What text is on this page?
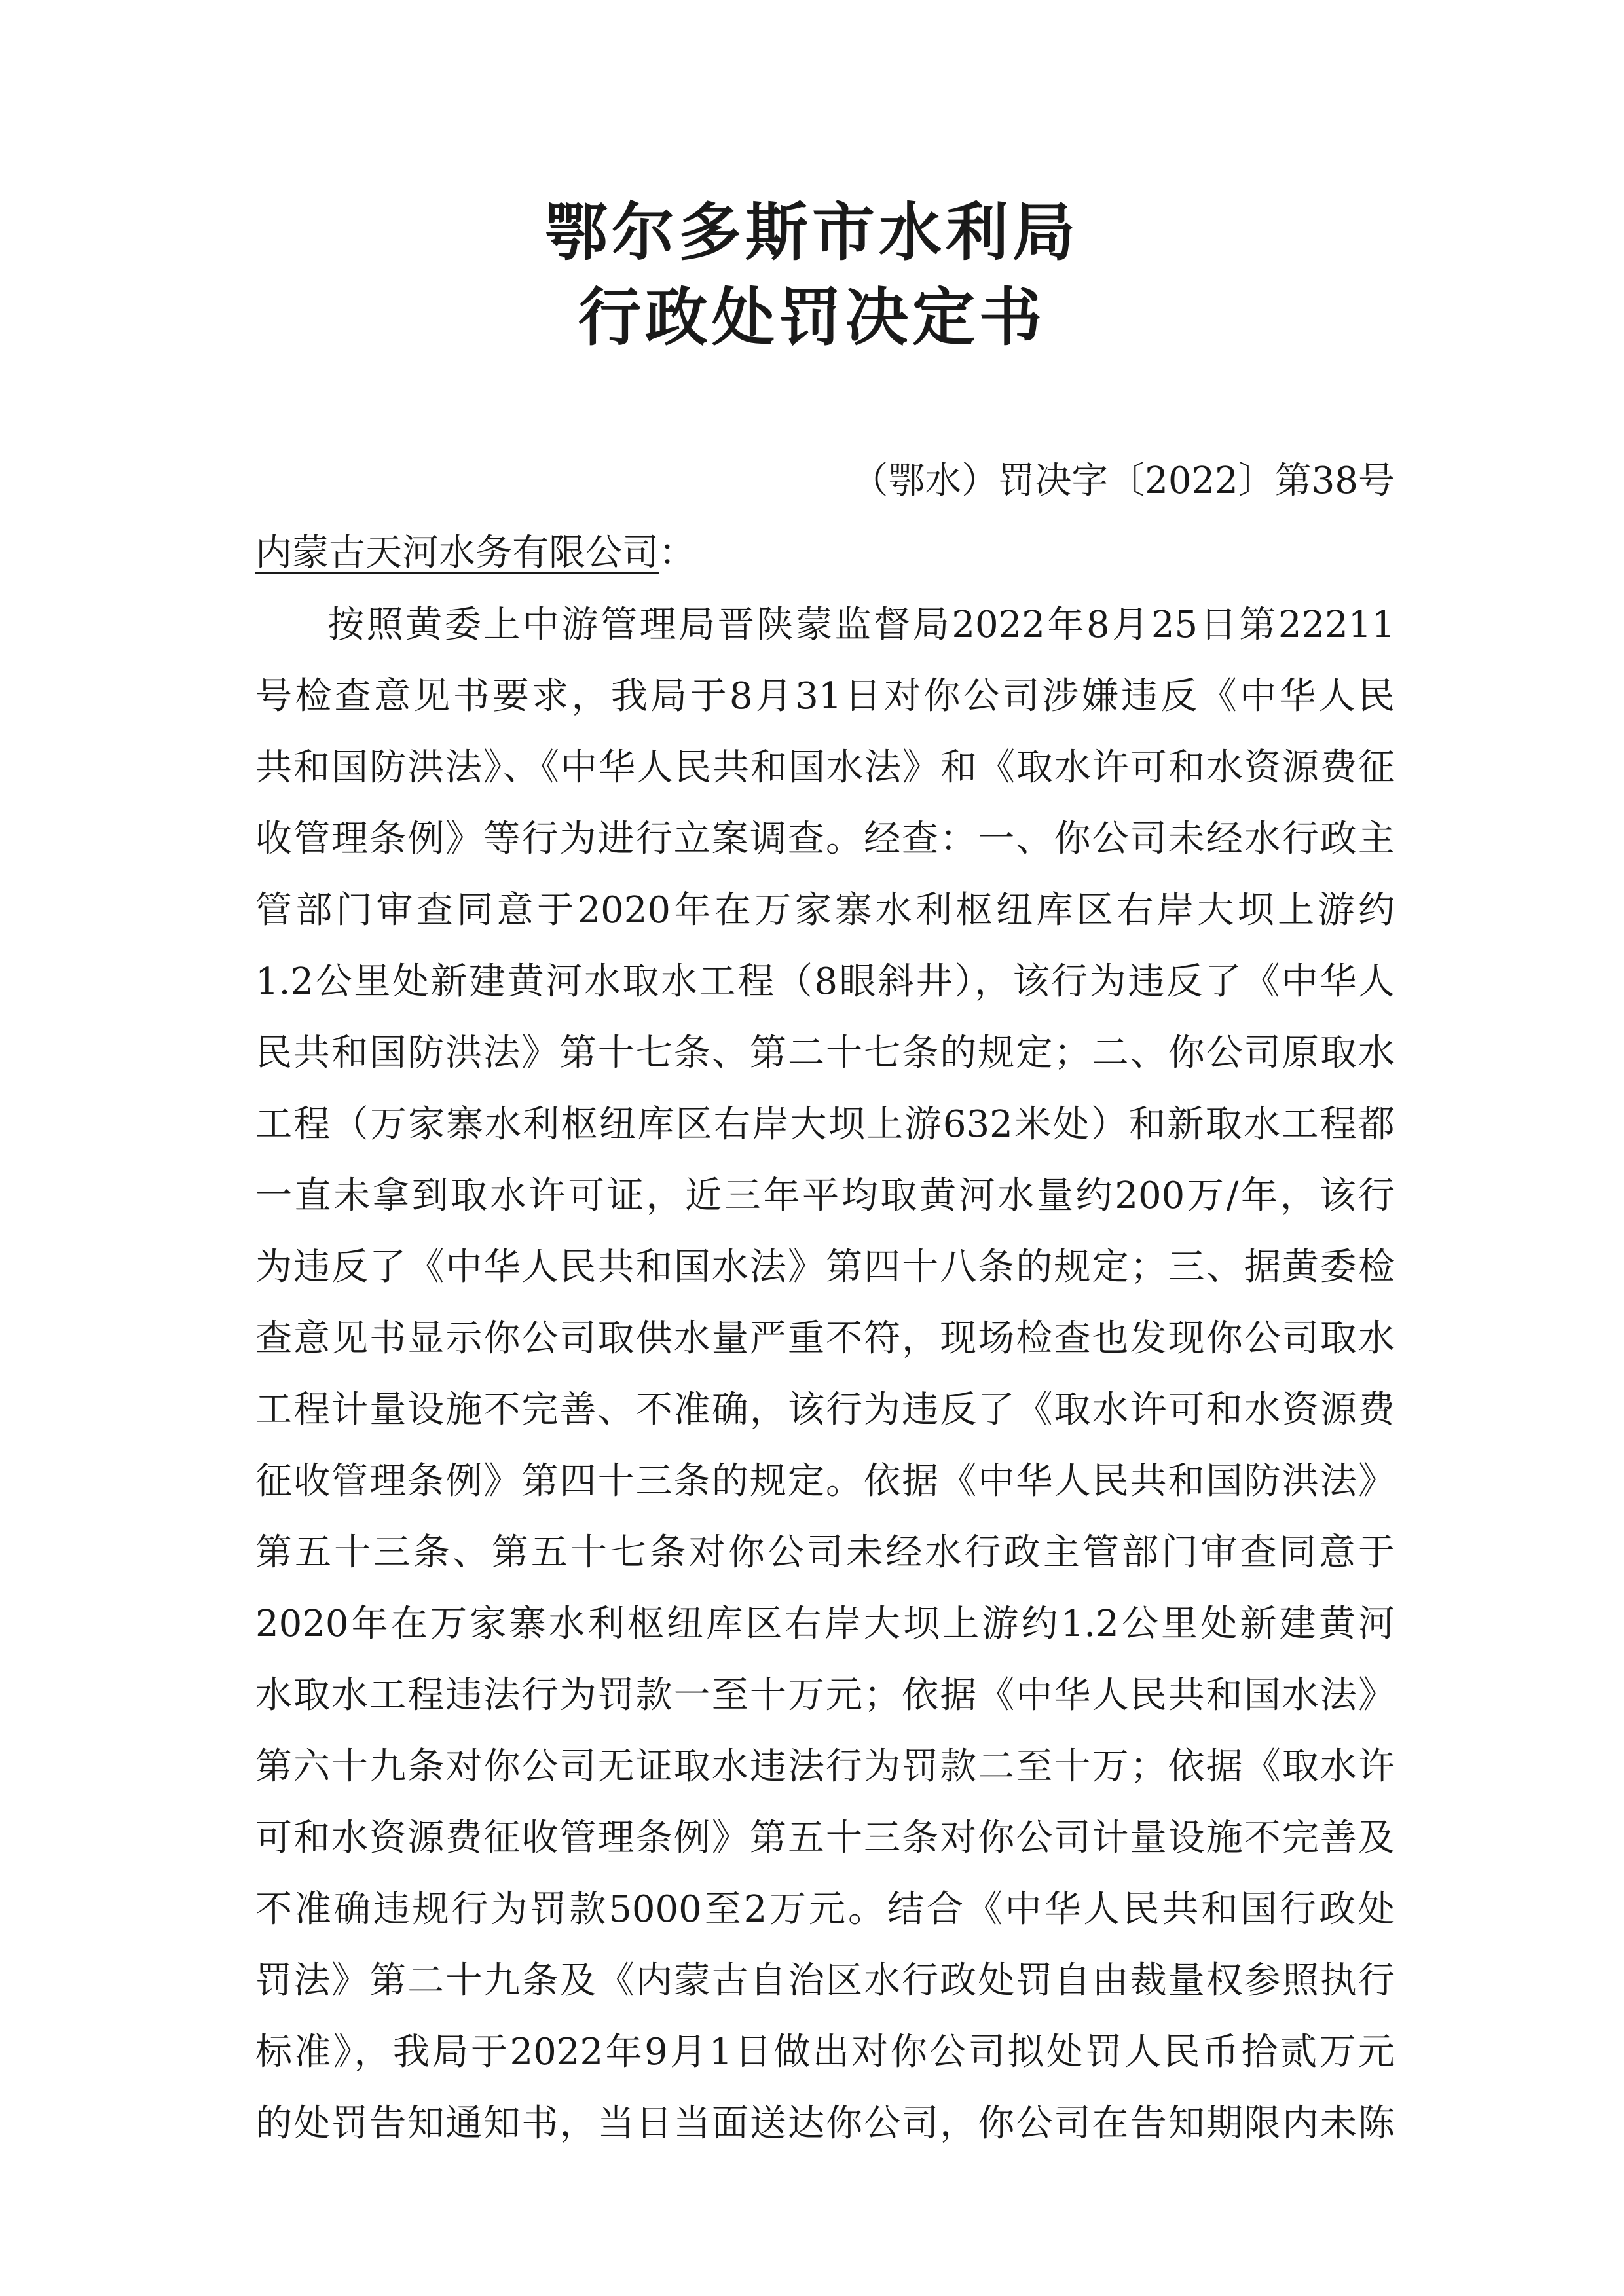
鄂尔多斯市水利局
行政处罚决定书
（鄂水）罚决字〔2022〕第38号
内蒙古天河水务有限公司：
按照黄委上中游管理局晋陕蒙监督局2022年8月25日第22211
号检查意见书要求，我局于8月31日对你公司涉嫌违反《中华人民
共和国防洪法》、《中华人民共和国水法》和《取水许可和水资源费征
收管理条例》等行为进行立案调查。经查：一、你公司未经水行政主
管部门审查同意于2020年在万家寨水利枢纽库区右岸大坝上游约
1.2公里处新建黄河水取水工程（8眼斜井），该行为违反了《中华人
民共和国防洪法》第十七条、第二十七条的规定；二、你公司原取水
工程（万家寨水利枢纽库区右岸大坝上游632米处）和新取水工程都
一直未拿到取水许可证，近三年平均取黄河水量约200万/年，该行
为违反了《中华人民共和国水法》第四十八条的规定；三、据黄委检
查意见书显示你公司取供水量严重不符，现场检查也发现你公司取水
工程计量设施不完善、不准确，该行为违反了《取水许可和水资源费
征收管理条例》第四十三条的规定。依据《中华人民共和国防洪法》
第五十三条、第五十七条对你公司未经水行政主管部门审查同意于
2020年在万家寨水利枢纽库区右岸大坝上游约1.2公里处新建黄河
水取水工程违法行为罚款一至十万元；依据《中华人民共和国水法》
第六十九条对你公司无证取水违法行为罚款二至十万；依据《取水许
可和水资源费征收管理条例》第五十三条对你公司计量设施不完善及
不准确违规行为罚款5000至2万元。结合《中华人民共和国行政处
罚法》第二十九条及《内蒙古自治区水行政处罚自由裁量权参照执行
标准》，我局于2022年9月1日做出对你公司拟处罚人民币拾贰万元
的处罚告知通知书，当日当面送达你公司，你公司在告知期限内未陈
